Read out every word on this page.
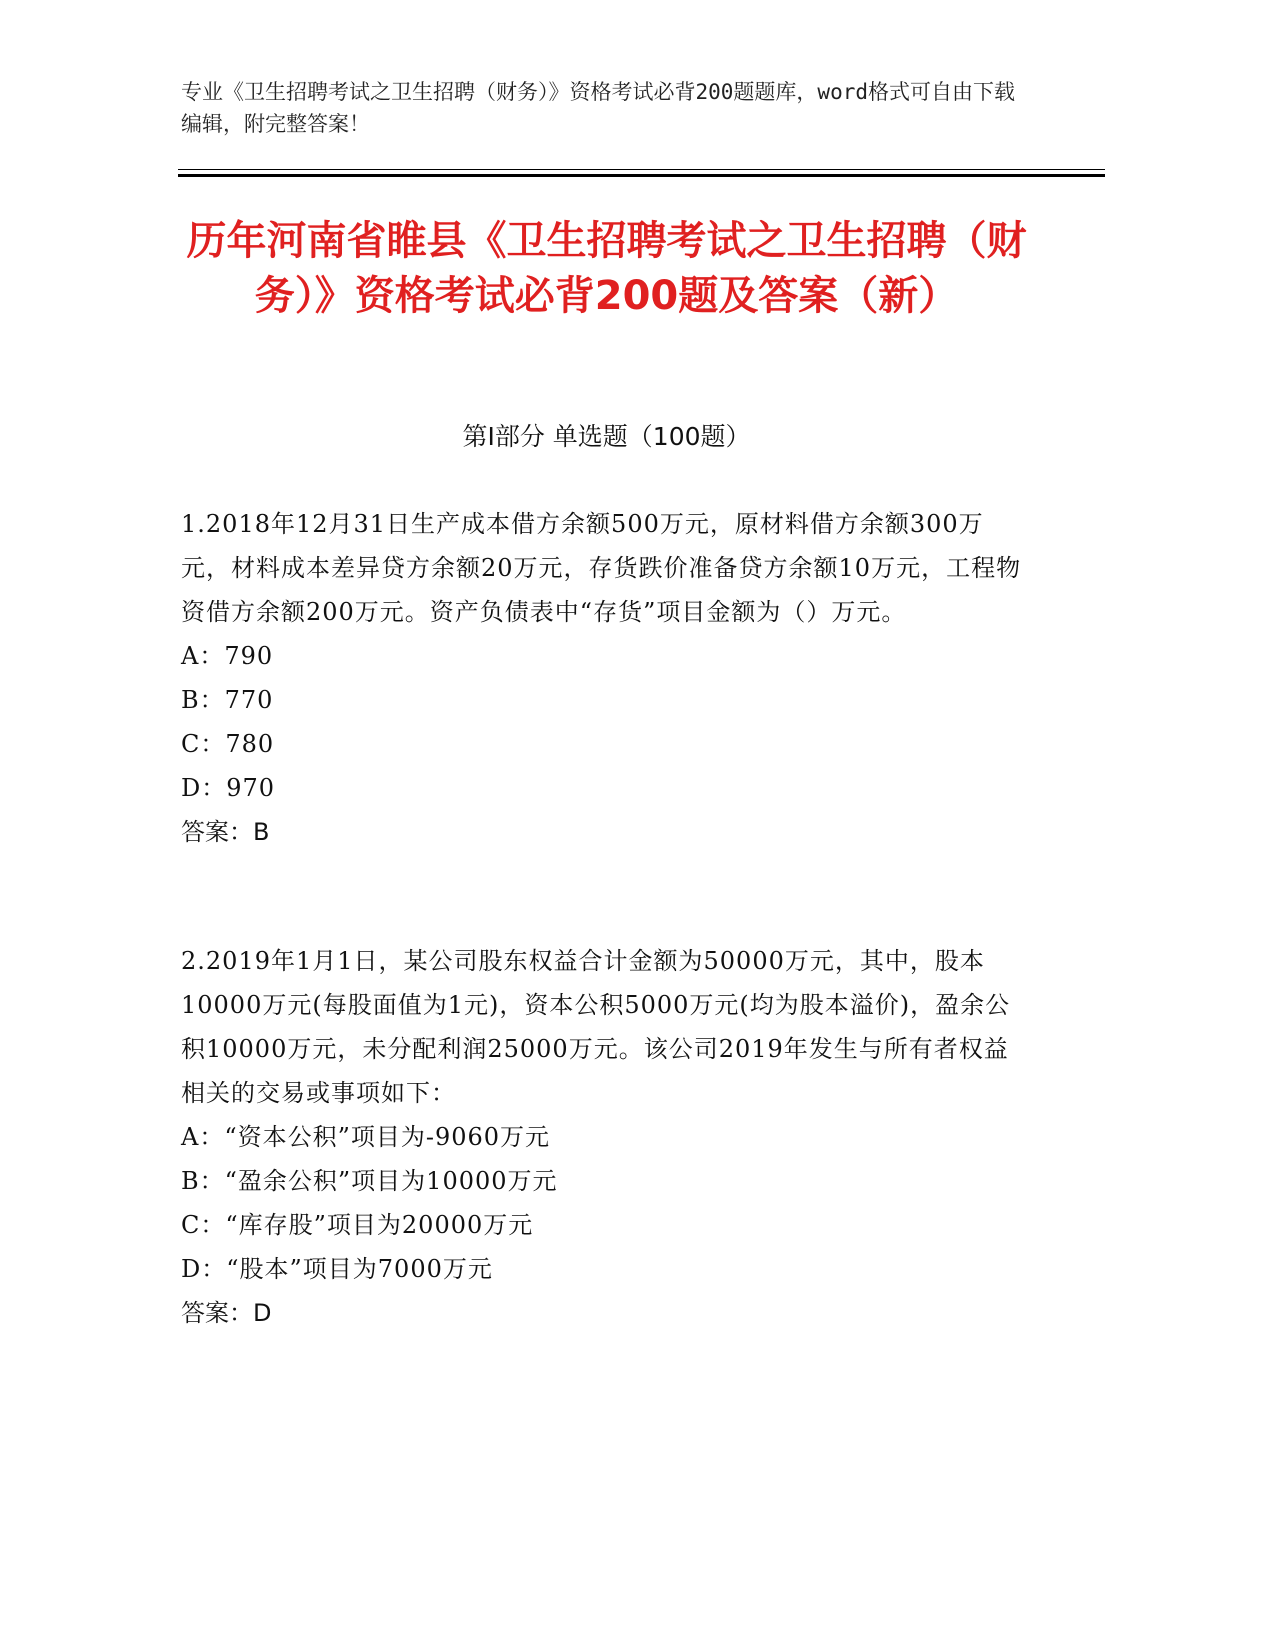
专业《卫生招聘考试之卫生招聘（财务）》资格考试必背200题题库，word格式可自由下载编辑，附完整答案！
历年河南省睢县《卫生招聘考试之卫生招聘（财务）》资格考试必背200题及答案（新）
第I部分 单选题（100题）
1.2018年12月31日生产成本借方余额500万元，原材料借方余额300万元，材料成本差异贷方余额20万元，存货跌价准备贷方余额10万元，工程物资借方余额200万元。资产负债表中“存货”项目金额为（）万元。
A：790
B：770
C：780
D：970
答案：B
2.2019年1月1日，某公司股东权益合计金额为50000万元，其中，股本10000万元(每股面值为1元)，资本公积5000万元(均为股本溢价)，盈余公积10000万元，未分配利润25000万元。该公司2019年发生与所有者权益相关的交易或事项如下：
A：“资本公积”项目为-9060万元
B：“盈余公积”项目为10000万元
C：“库存股”项目为20000万元
D：“股本”项目为7000万元
答案：D
